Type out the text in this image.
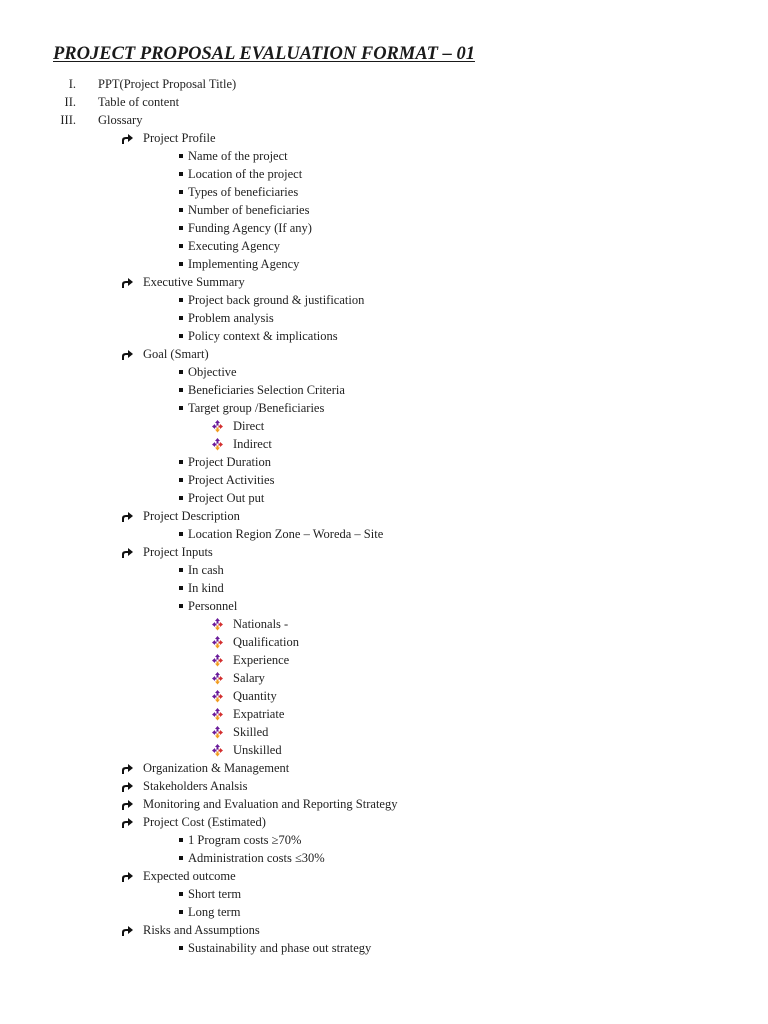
PROJECT PROPOSAL EVALUATION FORMAT – 01
I. PPT(Project Proposal Title)
II. Table of content
III. Glossary
Project Profile
Name of the project
Location of the project
Types of beneficiaries
Number of beneficiaries
Funding Agency (If any)
Executing Agency
Implementing Agency
Executive Summary
Project back ground & justification
Problem analysis
Policy context & implications
Goal (Smart)
Objective
Beneficiaries Selection Criteria
Target group /Beneficiaries
Direct
Indirect
Project Duration
Project Activities
Project Out put
Project Description
Location Region Zone – Woreda – Site
Project Inputs
In cash
In kind
Personnel
Nationals -
Qualification
Experience
Salary
Quantity
Expatriate
Skilled
Unskilled
Organization & Management
Stakeholders Analsis
Monitoring and Evaluation and Reporting Strategy
Project Cost (Estimated)
1 Program costs ≥70%
Administration costs ≤30%
Expected outcome
Short term
Long term
Risks and Assumptions
Sustainability and phase out strategy
